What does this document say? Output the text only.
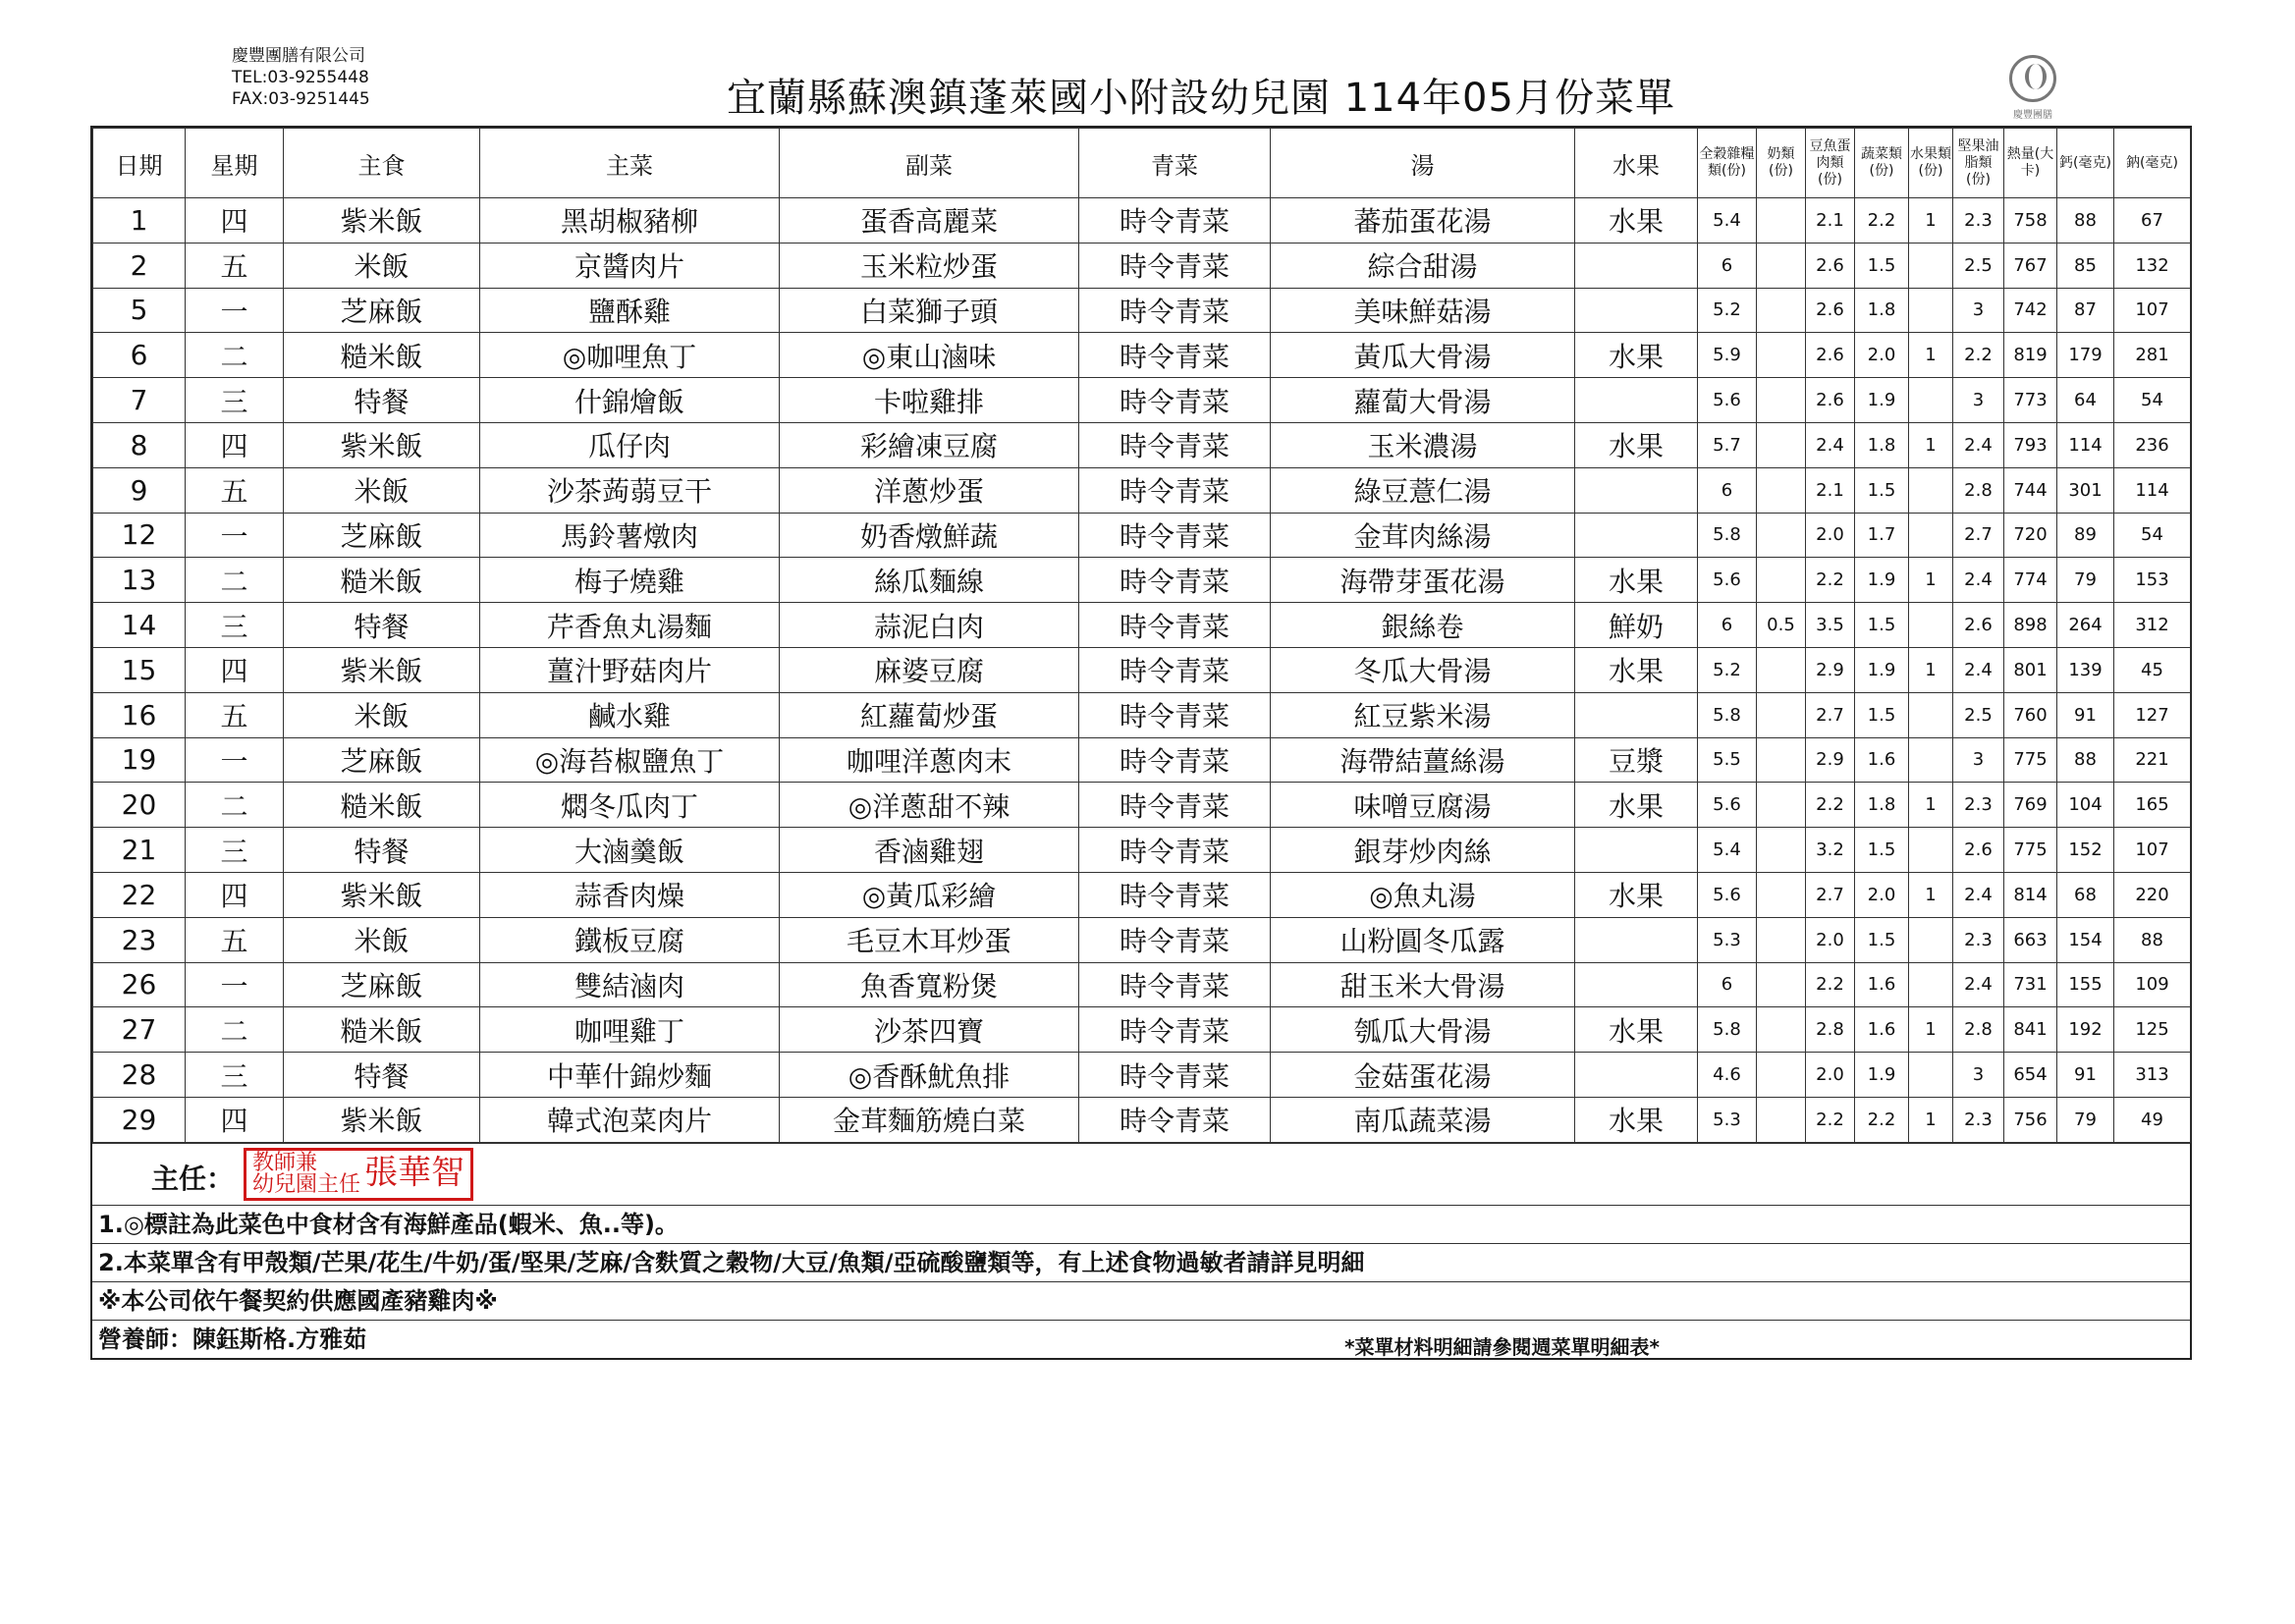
慶豐團膳有限公司
TEL:03-9255448
FAX:03-9251445	宜蘭縣蘇澳鎮蓬萊國小附設幼兒園 114年05月份菜單	慶豐團膳
日期	星期	主食	主菜	副菜	青菜	湯	水果	全穀雜糧類(份)	奶類(份)	豆魚蛋肉類(份)	蔬菜類(份)	水果類(份)	堅果油脂類(份)	熱量(大卡)	鈣(毫克)	鈉(毫克)
1	四	紫米飯	黑胡椒豬柳	蛋香高麗菜	時令青菜	蕃茄蛋花湯	水果	5.4		2.1	2.2	1	2.3	758	88	67
2	五	米飯	京醬肉片	玉米粒炒蛋	時令青菜	綜合甜湯		6		2.6	1.5		2.5	767	85	132
5	一	芝麻飯	鹽酥雞	白菜獅子頭	時令青菜	美味鮮菇湯		5.2		2.6	1.8		3	742	87	107
6	二	糙米飯	◎咖哩魚丁	◎東山滷味	時令青菜	黃瓜大骨湯	水果	5.9		2.6	2.0	1	2.2	819	179	281
7	三	特餐	什錦燴飯	卡啦雞排	時令青菜	蘿蔔大骨湯		5.6		2.6	1.9		3	773	64	54
8	四	紫米飯	瓜仔肉	彩繪凍豆腐	時令青菜	玉米濃湯	水果	5.7		2.4	1.8	1	2.4	793	114	236
9	五	米飯	沙茶蒟蒻豆干	洋蔥炒蛋	時令青菜	綠豆薏仁湯		6		2.1	1.5		2.8	744	301	114
12	一	芝麻飯	馬鈴薯燉肉	奶香燉鮮蔬	時令青菜	金茸肉絲湯		5.8		2.0	1.7		2.7	720	89	54
13	二	糙米飯	梅子燒雞	絲瓜麵線	時令青菜	海帶芽蛋花湯	水果	5.6		2.2	1.9	1	2.4	774	79	153
14	三	特餐	芹香魚丸湯麵	蒜泥白肉	時令青菜	銀絲卷	鮮奶	6	0.5	3.5	1.5		2.6	898	264	312
15	四	紫米飯	薑汁野菇肉片	麻婆豆腐	時令青菜	冬瓜大骨湯	水果	5.2		2.9	1.9	1	2.4	801	139	45
16	五	米飯	鹹水雞	紅蘿蔔炒蛋	時令青菜	紅豆紫米湯		5.8		2.7	1.5		2.5	760	91	127
19	一	芝麻飯	◎海苔椒鹽魚丁	咖哩洋蔥肉末	時令青菜	海帶結薑絲湯	豆漿	5.5		2.9	1.6		3	775	88	221
20	二	糙米飯	燜冬瓜肉丁	◎洋蔥甜不辣	時令青菜	味噌豆腐湯	水果	5.6		2.2	1.8	1	2.3	769	104	165
21	三	特餐	大滷羹飯	香滷雞翅	時令青菜	銀芽炒肉絲		5.4		3.2	1.5		2.6	775	152	107
22	四	紫米飯	蒜香肉燥	◎黃瓜彩繪	時令青菜	◎魚丸湯	水果	5.6		2.7	2.0	1	2.4	814	68	220
23	五	米飯	鐵板豆腐	毛豆木耳炒蛋	時令青菜	山粉圓冬瓜露		5.3		2.0	1.5		2.3	663	154	88
26	一	芝麻飯	雙結滷肉	魚香寬粉煲	時令青菜	甜玉米大骨湯		6		2.2	1.6		2.4	731	155	109
27	二	糙米飯	咖哩雞丁	沙茶四寶	時令青菜	瓠瓜大骨湯	水果	5.8		2.8	1.6	1	2.8	841	192	125
28	三	特餐	中華什錦炒麵	◎香酥魷魚排	時令青菜	金菇蛋花湯		4.6		2.0	1.9		3	654	91	313
29	四	紫米飯	韓式泡菜肉片	金茸麵筋燒白菜	時令青菜	南瓜蔬菜湯	水果	5.3		2.2	2.2	1	2.3	756	79	49
主任： 教師兼
幼兒園主任 張華智
1.◎標註為此菜色中食材含有海鮮產品(蝦米、魚..等)。
2.本菜單含有甲殼類/芒果/花生/牛奶/蛋/堅果/芝麻/含麩質之穀物/大豆/魚類/亞硫酸鹽類等，有上述食物過敏者請詳見明細
※本公司依午餐契約供應國產豬雞肉※
營養師：陳鈺斯格.方雅茹	*菜單材料明細請參閱週菜單明細表*
